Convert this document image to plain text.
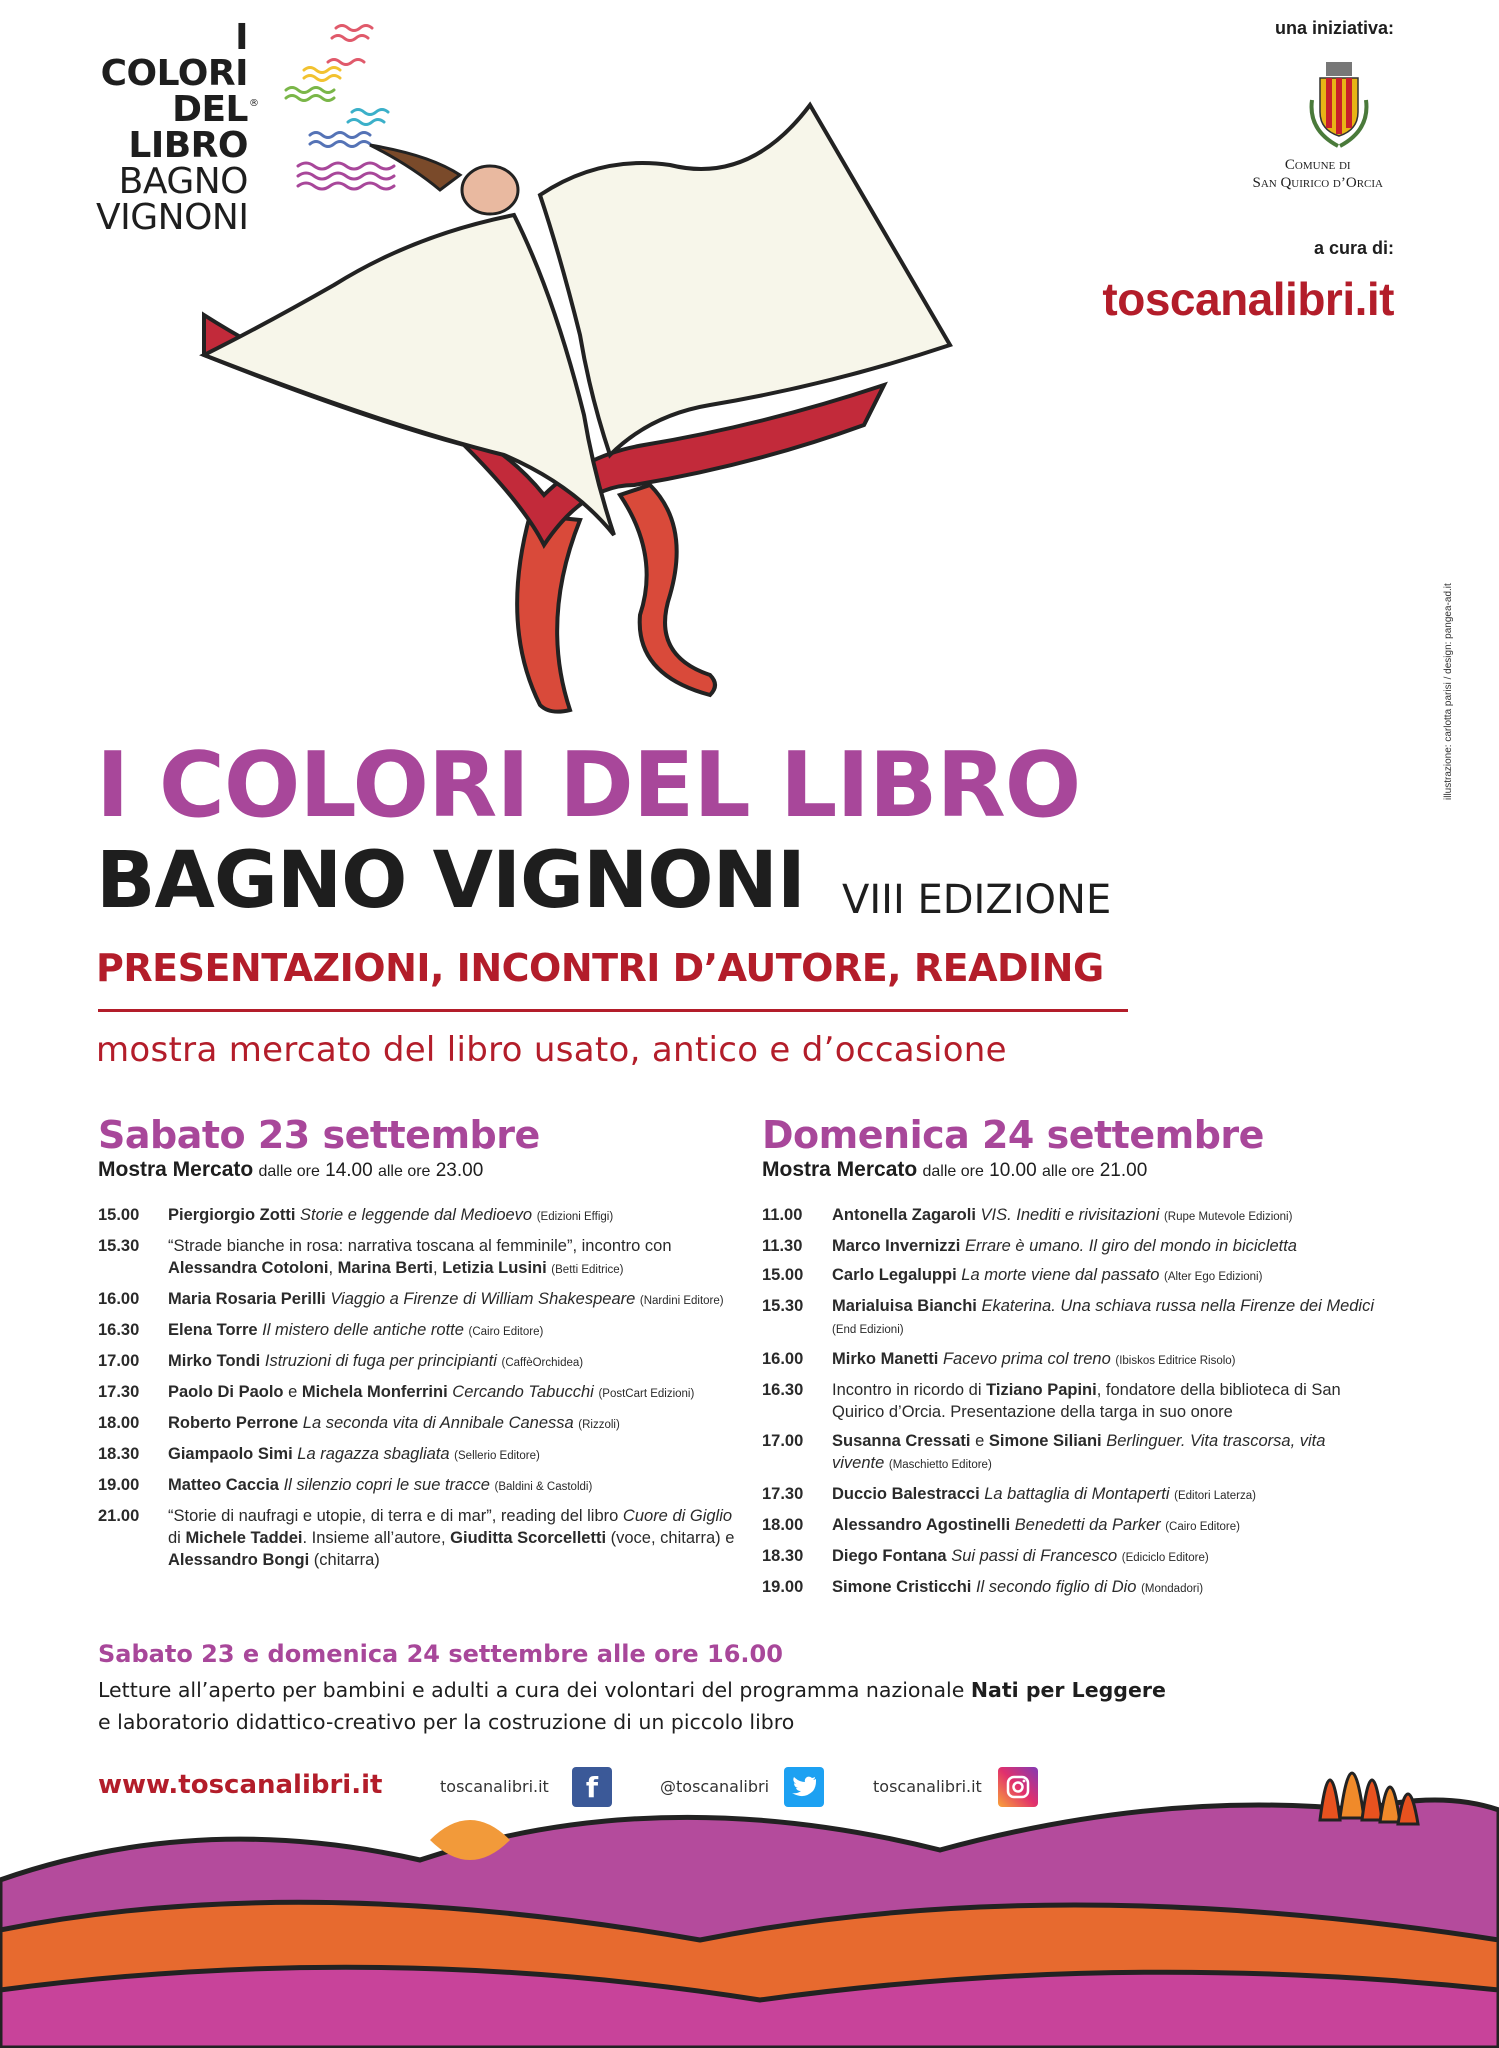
I COLORI
DEL
LIBRO
®
BAGNO
VIGNONI
una iniziativa:
Comune di
San Quirico d’Orcia
a cura di:
toscanalibri.it
illustrazione: carlotta parisi / design: pangea-ad.it
I COLORI DEL LIBRO
BAGNO VIGNONI VIII EDIZIONE
PRESENTAZIONI, INCONTRI D’AUTORE, READING
mostra mercato del libro usato, antico e d’occasione
Sabato 23 settembre
Mostra Mercato dalle ore 14.00 alle ore 23.00
15.00	Piergiorgio Zotti Storie e leggende dal Medioevo (Edizioni Effigi)
15.30	“Strade bianche in rosa: narrativa toscana al femminile”, incontro con Alessandra Cotoloni, Marina Berti, Letizia Lusini (Betti Editrice)
16.00	Maria Rosaria Perilli Viaggio a Firenze di William Shakespeare (Nardini Editore)
16.30	Elena Torre Il mistero delle antiche rotte (Cairo Editore)
17.00	Mirko Tondi Istruzioni di fuga per principianti (CaffèOrchidea)
17.30	Paolo Di Paolo e Michela Monferrini Cercando Tabucchi (PostCart Edizioni)
18.00	Roberto Perrone La seconda vita di Annibale Canessa (Rizzoli)
18.30	Giampaolo Simi La ragazza sbagliata (Sellerio Editore)
19.00	Matteo Caccia Il silenzio copri le sue tracce (Baldini & Castoldi)
21.00	“Storie di naufragi e utopie, di terra e di mar”, reading del libro Cuore di Giglio di Michele Taddei. Insieme all’autore, Giuditta Scorcelletti (voce, chitarra) e Alessandro Bongi (chitarra)
Domenica 24 settembre
Mostra Mercato dalle ore 10.00 alle ore 21.00
11.00	Antonella Zagaroli VIS. Inediti e rivisitazioni (Rupe Mutevole Edizioni)
11.30	Marco Invernizzi Errare è umano. Il giro del mondo in bicicletta
15.00	Carlo Legaluppi La morte viene dal passato (Alter Ego Edizioni)
15.30	Marialuisa Bianchi Ekaterina. Una schiava russa nella Firenze dei Medici (End Edizioni)
16.00	Mirko Manetti Facevo prima col treno (Ibiskos Editrice Risolo)
16.30	Incontro in ricordo di Tiziano Papini, fondatore della biblioteca di San Quirico d’Orcia. Presentazione della targa in suo onore
17.00	Susanna Cressati e Simone Siliani Berlinguer. Vita trascorsa, vita vivente (Maschietto Editore)
17.30	Duccio Balestracci La battaglia di Montaperti (Editori Laterza)
18.00	Alessandro Agostinelli Benedetti da Parker (Cairo Editore)
18.30	Diego Fontana Sui passi di Francesco (Ediciclo Editore)
19.00	Simone Cristicchi Il secondo figlio di Dio (Mondadori)
Sabato 23 e domenica 24 settembre alle ore 16.00
Letture all’aperto per bambini e adulti a cura dei volontari del programma nazionale Nati per Leggere
e laboratorio didattico-creativo per la costruzione di un piccolo libro
www.toscanalibri.it	toscanalibri.it	f	@toscanalibri	toscanalibri.it
